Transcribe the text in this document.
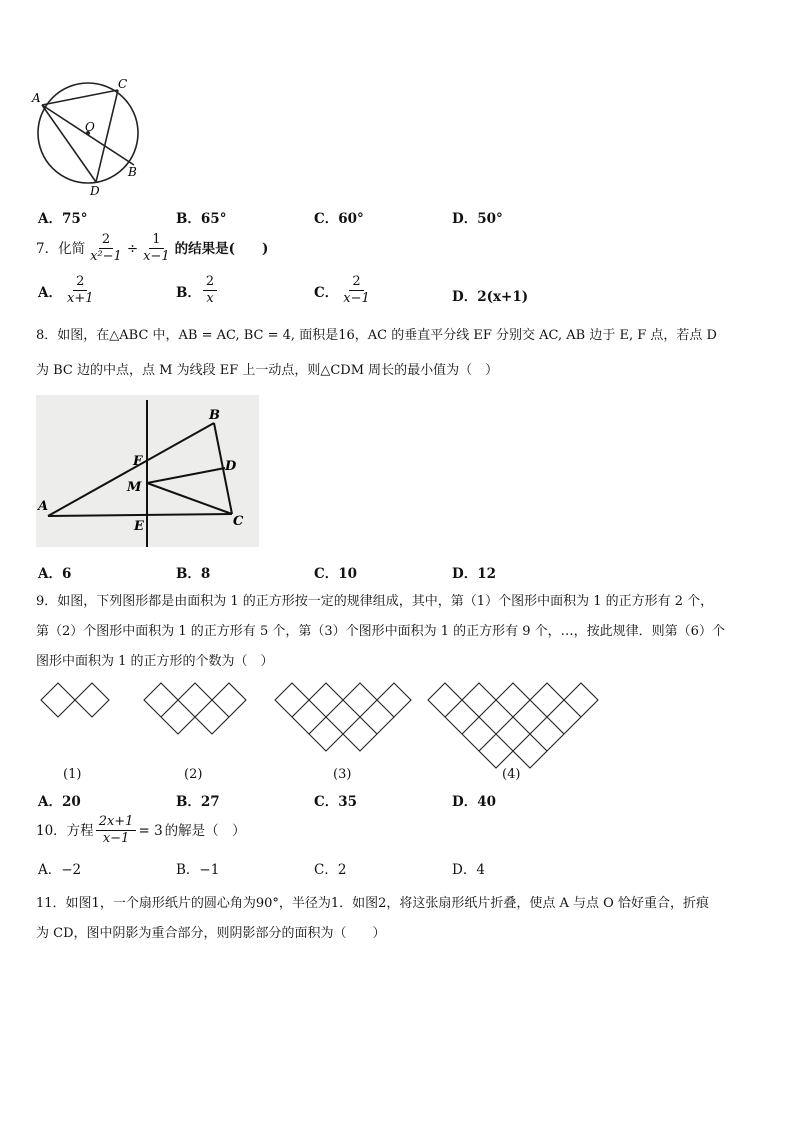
A
C
O
B
D
A．75°	B．65°	C．60°	D．50°
7．化简 $\frac{2}{\text{x²−1}} \div \frac{1}{x-1}$ 的结果是(　　)
A． $\frac{2}{x+1}$	B． $\frac{2}{x}$	C． $\frac{2}{x-1}$	D．2(x+1)
8．如图，在△ABC 中，AB = AC, BC = 4, 面积是16，AC 的垂直平分线 EF 分别交 AC, AB 边于 E, F 点，若点 D
为 BC 边的中点，点 M 为线段 EF 上一动点，则△CDM 周长的最小值为（　）
A
B
C
D
E
F
M
A．6	B．8	C．10	D．12
9．如图，下列图形都是由面积为 1 的正方形按一定的规律组成，其中，第（1）个图形中面积为 1 的正方形有 2 个，
第（2）个图形中面积为 1 的正方形有 5 个，第（3）个图形中面积为 1 的正方形有 9 个，…，按此规律．则第（6）个
图形中面积为 1 的正方形的个数为（　）
(1)	(2)	(3)	(4)
A．20	B．27	C．35	D．40
10．方程 $\frac{2x+1}{x-1} = 3$ 的解是（　）
A．−2	B．−1	C．2	D．4
11．如图1，一个扇形纸片的圆心角为90°，半径为1．如图2，将这张扇形纸片折叠，使点 A 与点 O 恰好重合，折痕
为 CD，图中阴影为重合部分，则阴影部分的面积为（　　）
